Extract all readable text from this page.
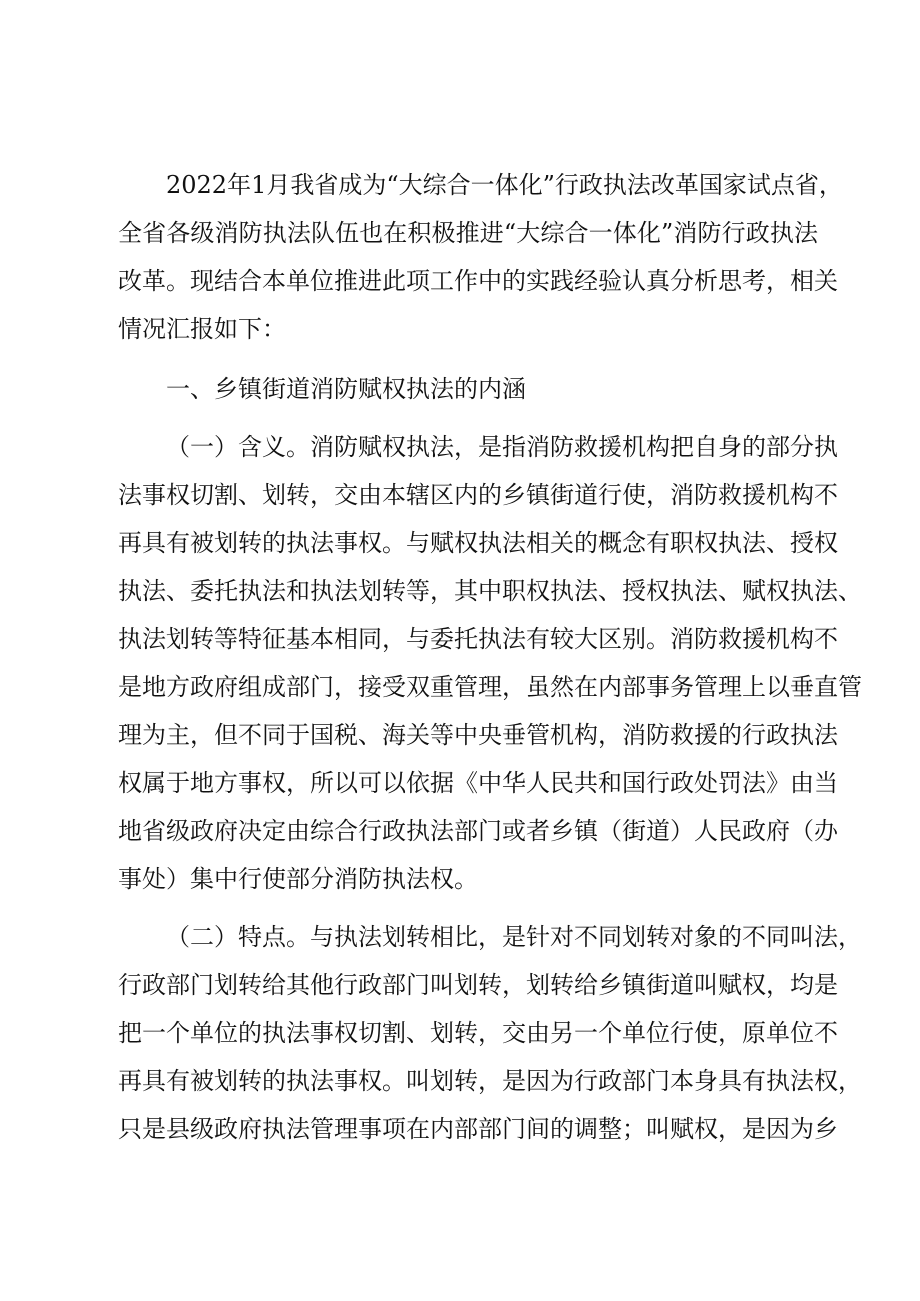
2022年1月我省成为“大综合一体化”行政执法改革国家试点省，
全省各级消防执法队伍也在积极推进“大综合一体化”消防行政执法
改革。现结合本单位推进此项工作中的实践经验认真分析思考，相关
情况汇报如下：
一、乡镇街道消防赋权执法的内涵
（一）含义。消防赋权执法，是指消防救援机构把自身的部分执
法事权切割、划转，交由本辖区内的乡镇街道行使，消防救援机构不
再具有被划转的执法事权。与赋权执法相关的概念有职权执法、授权
执法、委托执法和执法划转等，其中职权执法、授权执法、赋权执法、
执法划转等特征基本相同，与委托执法有较大区别。消防救援机构不
是地方政府组成部门，接受双重管理，虽然在内部事务管理上以垂直管
理为主，但不同于国税、海关等中央垂管机构，消防救援的行政执法
权属于地方事权，所以可以依据《中华人民共和国行政处罚法》由当
地省级政府决定由综合行政执法部门或者乡镇（街道）人民政府（办
事处）集中行使部分消防执法权。
（二）特点。与执法划转相比，是针对不同划转对象的不同叫法，
行政部门划转给其他行政部门叫划转，划转给乡镇街道叫赋权，均是
把一个单位的执法事权切割、划转，交由另一个单位行使，原单位不
再具有被划转的执法事权。叫划转，是因为行政部门本身具有执法权，
只是县级政府执法管理事项在内部部门间的调整；叫赋权，是因为乡
